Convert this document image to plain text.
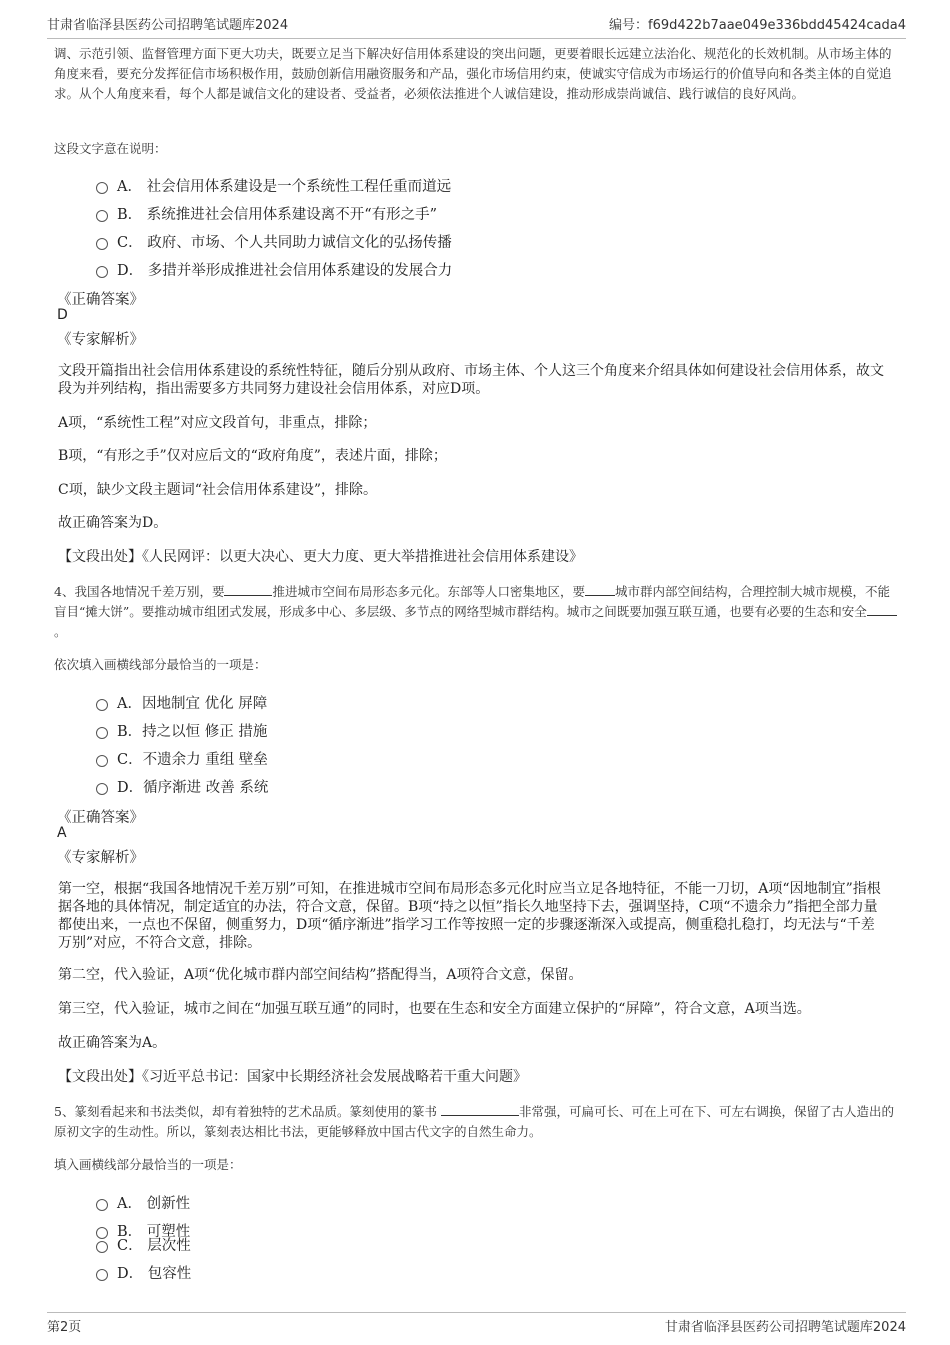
甘肃省临泽县医药公司招聘笔试题库2024	编号：f69d422b7aae049e336bdd45424cada4
调、示范引领、监督管理方面下更大功夫，既要立足当下解决好信用体系建设的突出问题，更要着眼长远建立法治化、规范化的长效机制。从市场主体的角度来看，要充分发挥征信市场积极作用，鼓励创新信用融资服务和产品，强化市场信用约束，使诚实守信成为市场运行的价值导向和各类主体的自觉追求。从个人角度来看，每个人都是诚信文化的建设者、受益者，必须依法推进个人诚信建设，推动形成崇尚诚信、践行诚信的良好风尚。
这段文字意在说明：
A． 社会信用体系建设是一个系统性工程任重而道远
B． 系统推进社会信用体系建设离不开“有形之手”
C． 政府、市场、个人共同助力诚信文化的弘扬传播
D． 多措并举形成推进社会信用体系建设的发展合力
《正确答案》
D
《专家解析》
文段开篇指出社会信用体系建设的系统性特征，随后分别从政府、市场主体、个人这三个角度来介绍具体如何建设社会信用体系，故文段为并列结构，指出需要多方共同努力建设社会信用体系，对应D项。
A项，“系统性工程”对应文段首句，非重点，排除；
B项，“有形之手”仅对应后文的“政府角度”，表述片面，排除；
C项，缺少文段主题词“社会信用体系建设”，排除。
故正确答案为D。
【文段出处】《人民网评：以更大决心、更大力度、更大举措推进社会信用体系建设》
4、我国各地情况千差万别，要	推进城市空间布局形态多元化。东部等人口密集地区，要 城市群内部空间结构，合理控制大城市规模，不能盲目“摊大饼”。要推动城市组团式发展，形成多中心、多层级、多节点的网络型城市群结构。城市之间既要加强互联互通，也要有必要的生态和安全。
依次填入画横线部分最恰当的一项是：
A．因地制宜 优化 屏障
B．持之以恒 修正 措施
C．不遗余力 重组 壁垒
D．循序渐进 改善 系统
《正确答案》
A
《专家解析》
第一空，根据“我国各地情况千差万别”可知，在推进城市空间布局形态多元化时应当立足各地特征，不能一刀切，A项“因地制宜”指根据各地的具体情况，制定适宜的办法，符合文意，保留。B项“持之以恒”指长久地坚持下去，强调坚持，C项“不遗余力”指把全部力量都使出来，一点也不保留，侧重努力，D项“循序渐进”指学习工作等按照一定的步骤逐渐深入或提高，侧重稳扎稳打，均无法与“千差万别”对应，不符合文意，排除。
第二空，代入验证，A项“优化城市群内部空间结构”搭配得当，A项符合文意，保留。
第三空，代入验证，城市之间在“加强互联互通”的同时，也要在生态和安全方面建立保护的“屏障”，符合文意，A项当选。
故正确答案为A。
【文段出处】《习近平总书记：国家中长期经济社会发展战略若干重大问题》
5、篆刻看起来和书法类似，却有着独特的艺术品质。篆刻使用的篆书	非常强，可扁可长、可在上可在下、可左右调换，保留了古人造出的原初文字的生动性。所以，篆刻表达相比书法，更能够释放中国古代文字的自然生命力。
填入画横线部分最恰当的一项是：
A． 创新性
B． 可塑性
C． 层次性
D． 包容性
第2页	甘肃省临泽县医药公司招聘笔试题库2024
